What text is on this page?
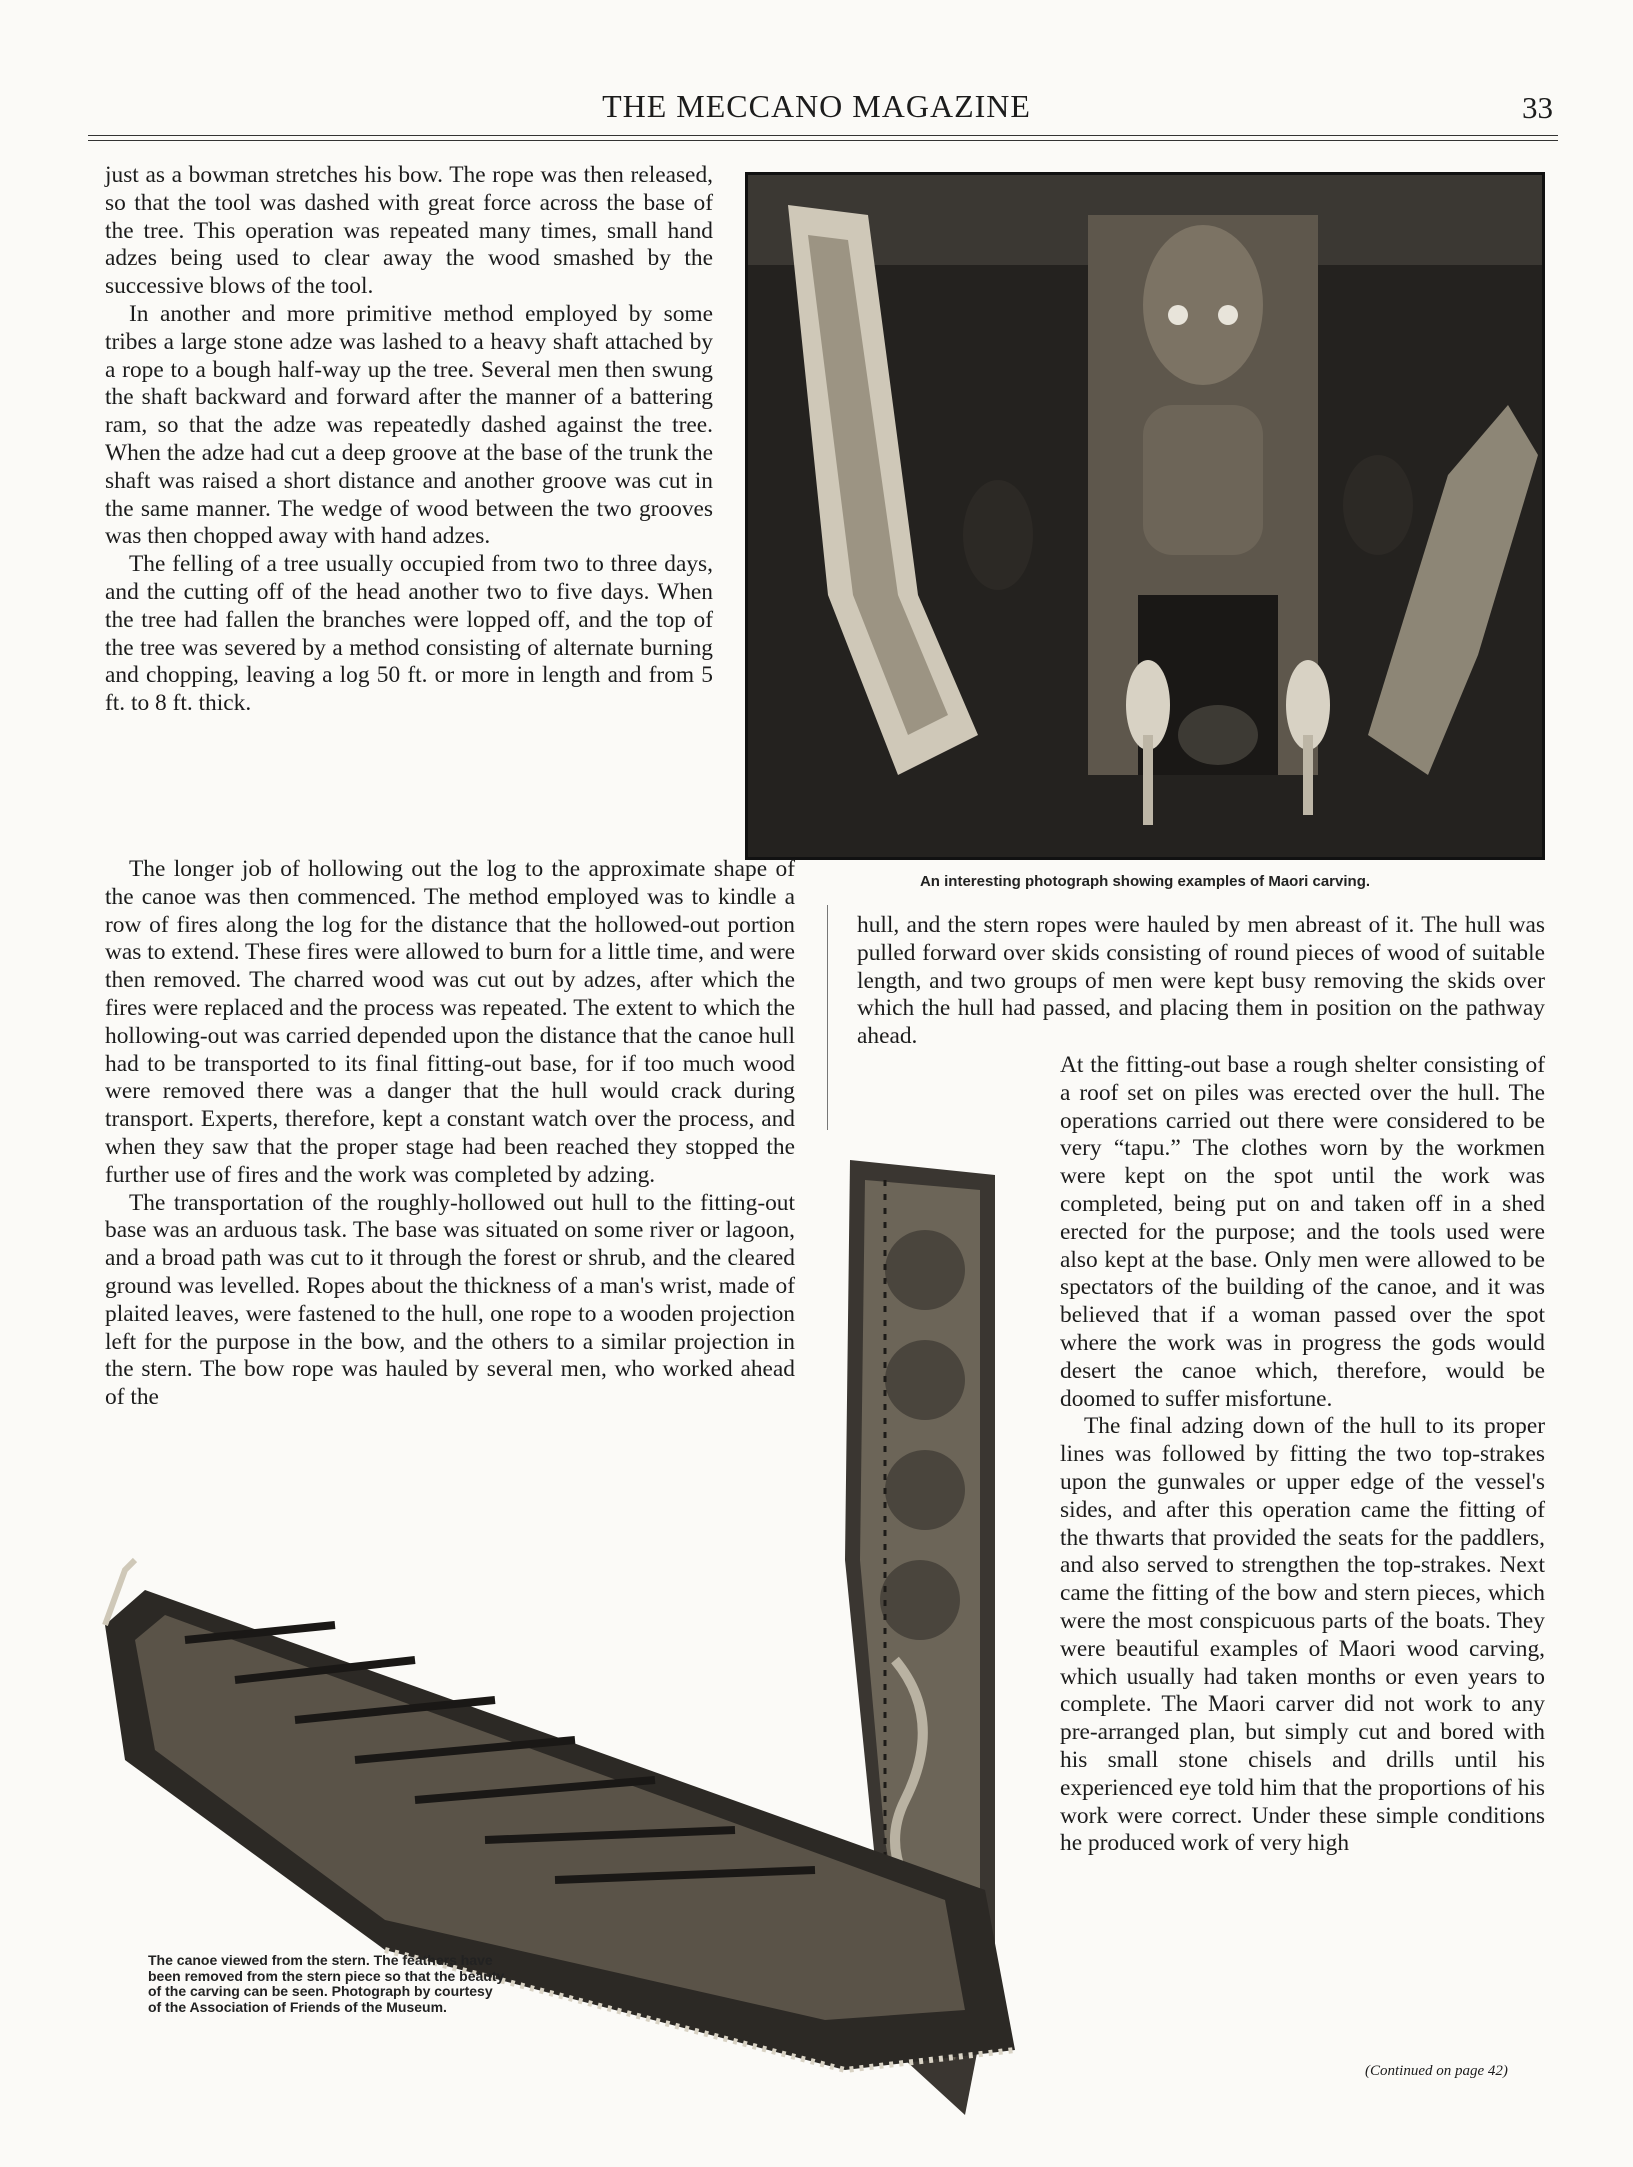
THE MECCANO MAGAZINE	33
An interesting photograph showing examples of Maori carving.

just as a bowman stretches his bow. The rope was then released, so that the tool was dashed with great force across the base of the tree. This operation was repeated many times, small hand adzes being used to clear away the wood smashed by the successive blows of the tool.

In another and more primitive method employed by some tribes a large stone adze was lashed to a heavy shaft attached by a rope to a bough half-way up the tree. Several men then swung the shaft backward and forward after the manner of a battering ram, so that the adze was repeatedly dashed against the tree. When the adze had cut a deep groove at the base of the trunk the shaft was raised a short distance and another groove was cut in the same manner. The wedge of wood between the two grooves was then chopped away with hand adzes.

The felling of a tree usually occupied from two to three days, and the cutting off of the head another two to five days. When the tree had fallen the branches were lopped off, and the top of the tree was severed by a method consisting of alternate burning and chopping, leaving a log 50 ft. or more in length and from 5 ft. to 8 ft. thick.

The longer job of hollowing out the log to the approximate shape of the canoe was then commenced. The method employed was to kindle a row of fires along the log for the distance that the hollowed-out portion was to extend. These fires were allowed to burn for a little time, and were then removed. The charred wood was cut out by adzes, after which the fires were replaced and the process was repeated. The extent to which the hollowing-out was carried depended upon the distance that the canoe hull had to be transported to its final fitting-out base, for if too much wood were removed there was a danger that the hull would crack during transport. Experts, therefore, kept a constant watch over the process, and when they saw that the proper stage had been reached they stopped the further use of fires and the work was completed by adzing.

The transportation of the roughly-hollowed out hull to the fitting-out base was an arduous task. The base was situated on some river or lagoon, and a broad path was cut to it through the forest or shrub, and the cleared ground was levelled. Ropes about the thickness of a man's wrist, made of plaited leaves, were fastened to the hull, one rope to a wooden projection left for the purpose in the bow, and the others to a similar projection in the stern. The bow rope was hauled by several men, who worked ahead of the

hull, and the stern ropes were hauled by men abreast of it. The hull was pulled forward over skids consisting of round pieces of wood of suitable length, and two groups of men were kept busy removing the skids over which the hull had passed, and placing them in position on the pathway ahead.

At the fitting-out base a rough shelter consisting of a roof set on piles was erected over the hull. The operations carried out there were considered to be very “tapu.” The clothes worn by the workmen were kept on the spot until the work was completed, being put on and taken off in a shed erected for the purpose; and the tools used were also kept at the base. Only men were allowed to be spectators of the building of the canoe, and it was believed that if a woman passed over the spot where the work was in progress the gods would desert the canoe which, therefore, would be doomed to suffer misfortune.

The final adzing down of the hull to its proper lines was followed by fitting the two top-strakes upon the gunwales or upper edge of the vessel's sides, and after this operation came the fitting of the thwarts that provided the seats for the paddlers, and also served to strengthen the top-strakes. Next came the fitting of the bow and stern pieces, which were the most conspicuous parts of the boats. They were beautiful examples of Maori wood carving, which usually had taken months or even years to complete. The Maori carver did not work to any pre-arranged plan, but simply cut and bored with his small stone chisels and drills until his experienced eye told him that the proportions of his work were correct. Under these simple conditions he produced work of very high

The canoe viewed from the stern. The feathers have been removed from the stern piece so that the beauty of the carving can be seen. Photograph by courtesy of the Association of Friends of the Museum.
(Continued on page 42)
